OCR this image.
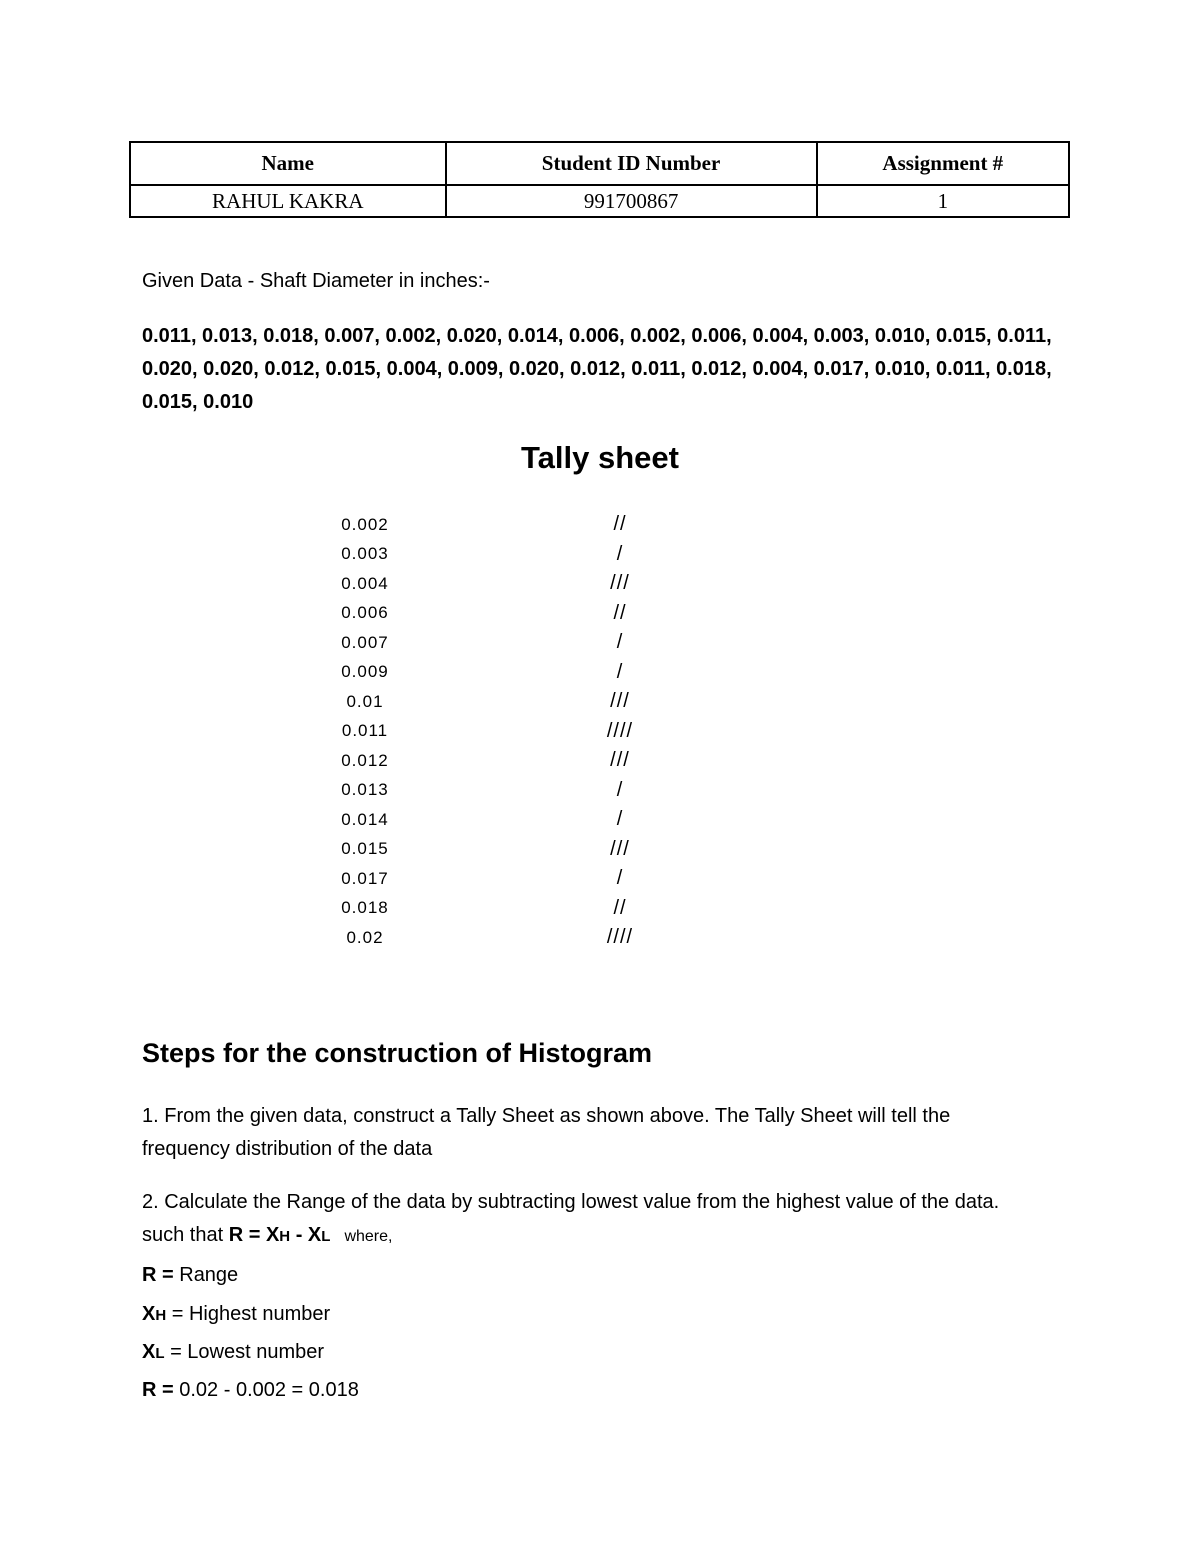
Name	Student ID Number	Assignment #
RAHUL KAKRA	991700867	1

Given Data - Shaft Diameter in inches:-

0.011, 0.013, 0.018, 0.007, 0.002, 0.020, 0.014, 0.006, 0.002, 0.006, 0.004, 0.003, 0.010, 0.015, 0.011, 0.020, 0.020, 0.012, 0.015, 0.004, 0.009, 0.020, 0.012, 0.011, 0.012, 0.004, 0.017, 0.010, 0.011, 0.018, 0.015, 0.010

Tally sheet
0.002	//
0.003	/
0.004	///
0.006	//
0.007	/
0.009	/
0.01	///
0.011	////
0.012	///
0.013	/
0.014	/
0.015	///
0.017	/
0.018	//
0.02	////
Steps for the construction of Histogram

1. From the given data, construct a Tally Sheet as shown above. The Tally Sheet will tell the frequency distribution of the data

2. Calculate the Range of the data by subtracting lowest value from the highest value of the data. such that R = XH - XL where,

R = Range

XH = Highest number

XL = Lowest number

R = 0.02 - 0.002 = 0.018
